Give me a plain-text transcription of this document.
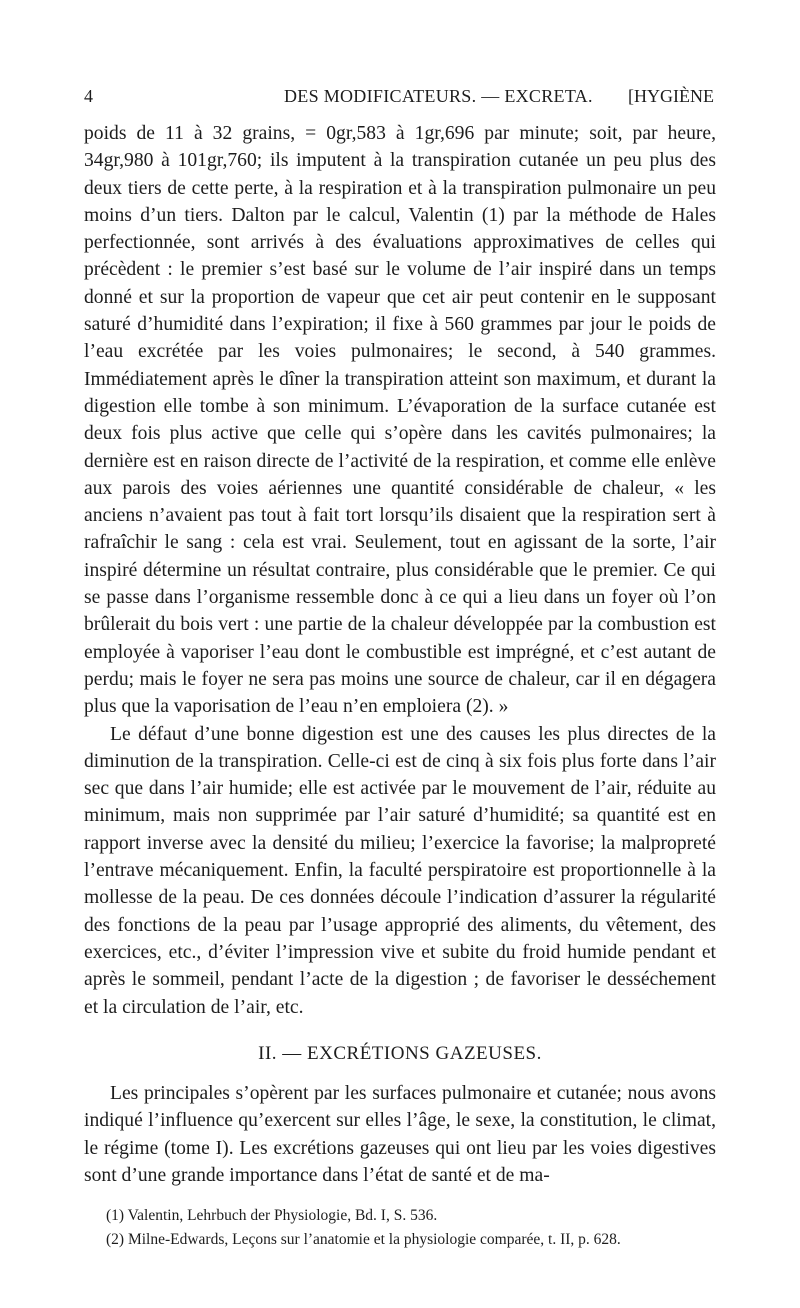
4	DES MODIFICATEURS. — EXCRETA. [HYGIÈNE

poids de 11 à 32 grains, = 0gr,583 à 1gr,696 par minute; soit, par heure, 34gr,980 à 101gr,760; ils imputent à la transpiration cutanée un peu plus des deux tiers de cette perte, à la respiration et à la transpiration pulmonaire un peu moins d’un tiers. Dalton par le calcul, Valentin (1) par la méthode de Hales perfectionnée, sont arrivés à des évaluations approximatives de celles qui précèdent : le premier s’est basé sur le volume de l’air inspiré dans un temps donné et sur la proportion de vapeur que cet air peut contenir en le supposant saturé d’humidité dans l’expiration; il fixe à 560 grammes par jour le poids de l’eau excrétée par les voies pulmonaires; le second, à 540 grammes. Immédiatement après le dîner la transpiration atteint son maximum, et durant la digestion elle tombe à son minimum. L’évaporation de la surface cutanée est deux fois plus active que celle qui s’opère dans les cavités pulmonaires; la dernière est en raison directe de l’activité de la respiration, et comme elle enlève aux parois des voies aériennes une quantité considérable de chaleur, « les anciens n’avaient pas tout à fait tort lorsqu’ils disaient que la respiration sert à rafraîchir le sang : cela est vrai. Seulement, tout en agissant de la sorte, l’air inspiré détermine un résultat contraire, plus considérable que le premier. Ce qui se passe dans l’organisme ressemble donc à ce qui a lieu dans un foyer où l’on brûlerait du bois vert : une partie de la chaleur développée par la combustion est employée à vaporiser l’eau dont le combustible est imprégné, et c’est autant de perdu; mais le foyer ne sera pas moins une source de chaleur, car il en dégagera plus que la vaporisation de l’eau n’en emploiera (2). »

Le défaut d’une bonne digestion est une des causes les plus directes de la diminution de la transpiration. Celle-ci est de cinq à six fois plus forte dans l’air sec que dans l’air humide; elle est activée par le mouvement de l’air, réduite au minimum, mais non supprimée par l’air saturé d’humidité; sa quantité est en rapport inverse avec la densité du milieu; l’exercice la favorise; la malpropreté l’entrave mécaniquement. Enfin, la faculté perspiratoire est proportionnelle à la mollesse de la peau. De ces données découle l’indication d’assurer la régularité des fonctions de la peau par l’usage approprié des aliments, du vêtement, des exercices, etc., d’éviter l’impression vive et subite du froid humide pendant et après le sommeil, pendant l’acte de la digestion ; de favoriser le desséchement et la circulation de l’air, etc.

II. — EXCRÉTIONS GAZEUSES.

Les principales s’opèrent par les surfaces pulmonaire et cutanée; nous avons indiqué l’influence qu’exercent sur elles l’âge, le sexe, la constitution, le climat, le régime (tome I). Les excrétions gazeuses qui ont lieu par les voies digestives sont d’une grande importance dans l’état de santé et de ma-

(1) Valentin, Lehrbuch der Physiologie, Bd. I, S. 536.

(2) Milne-Edwards, Leçons sur l’anatomie et la physiologie comparée, t. II, p. 628.
